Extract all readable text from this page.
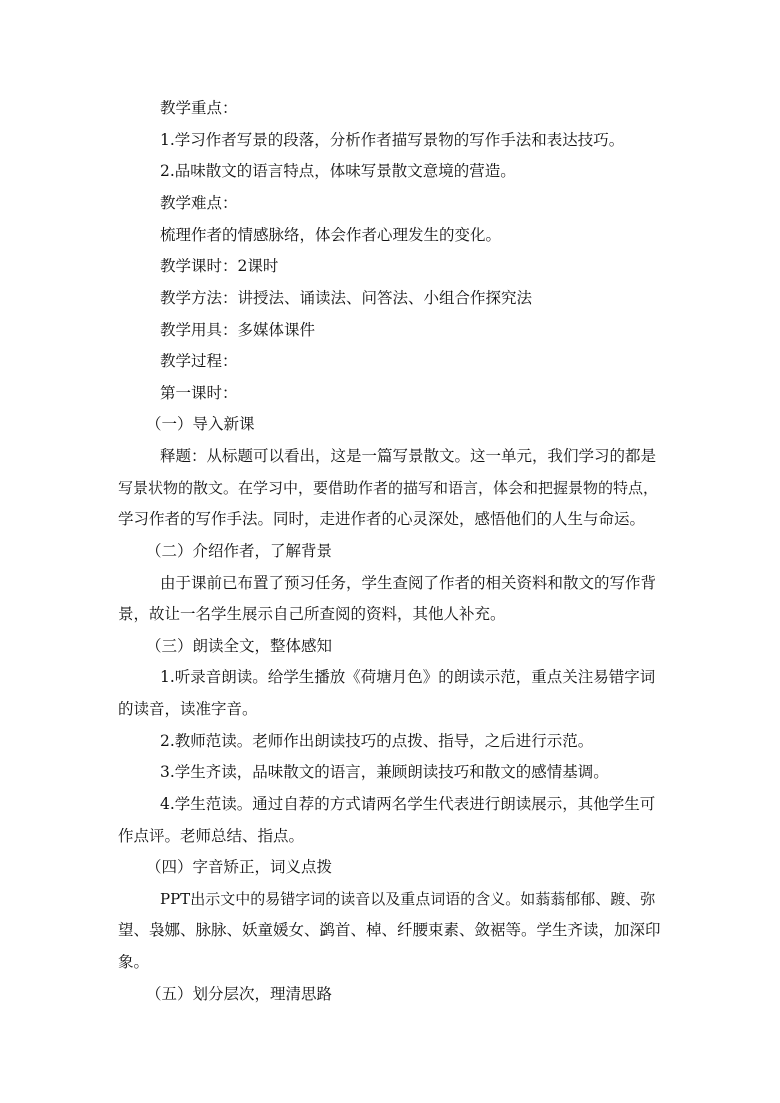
教学重点：
1.学习作者写景的段落，分析作者描写景物的写作手法和表达技巧。
2.品味散文的语言特点，体味写景散文意境的营造。
教学难点：
梳理作者的情感脉络，体会作者心理发生的变化。
教学课时：2课时
教学方法：讲授法、诵读法、问答法、小组合作探究法
教学用具：多媒体课件
教学过程：
第一课时：
（一）导入新课
释题：从标题可以看出，这是一篇写景散文。这一单元，我们学习的都是
写景状物的散文。在学习中，要借助作者的描写和语言，体会和把握景物的特点，
学习作者的写作手法。同时，走进作者的心灵深处，感悟他们的人生与命运。
（二）介绍作者，了解背景
由于课前已布置了预习任务，学生查阅了作者的相关资料和散文的写作背
景，故让一名学生展示自己所查阅的资料，其他人补充。
（三）朗读全文，整体感知
1.听录音朗读。给学生播放《荷塘月色》的朗读示范，重点关注易错字词
的读音，读准字音。
2.教师范读。老师作出朗读技巧的点拨、指导，之后进行示范。
3.学生齐读，品味散文的语言，兼顾朗读技巧和散文的感情基调。
4.学生范读。通过自荐的方式请两名学生代表进行朗读展示，其他学生可
作点评。老师总结、指点。
（四）字音矫正，词义点拨
PPT出示文中的易错字词的读音以及重点词语的含义。如蓊蓊郁郁、踱、弥
望、袅娜、脉脉、妖童媛女、鹢首、棹、纤腰束素、敛裾等。学生齐读，加深印
象。
（五）划分层次，理清思路
